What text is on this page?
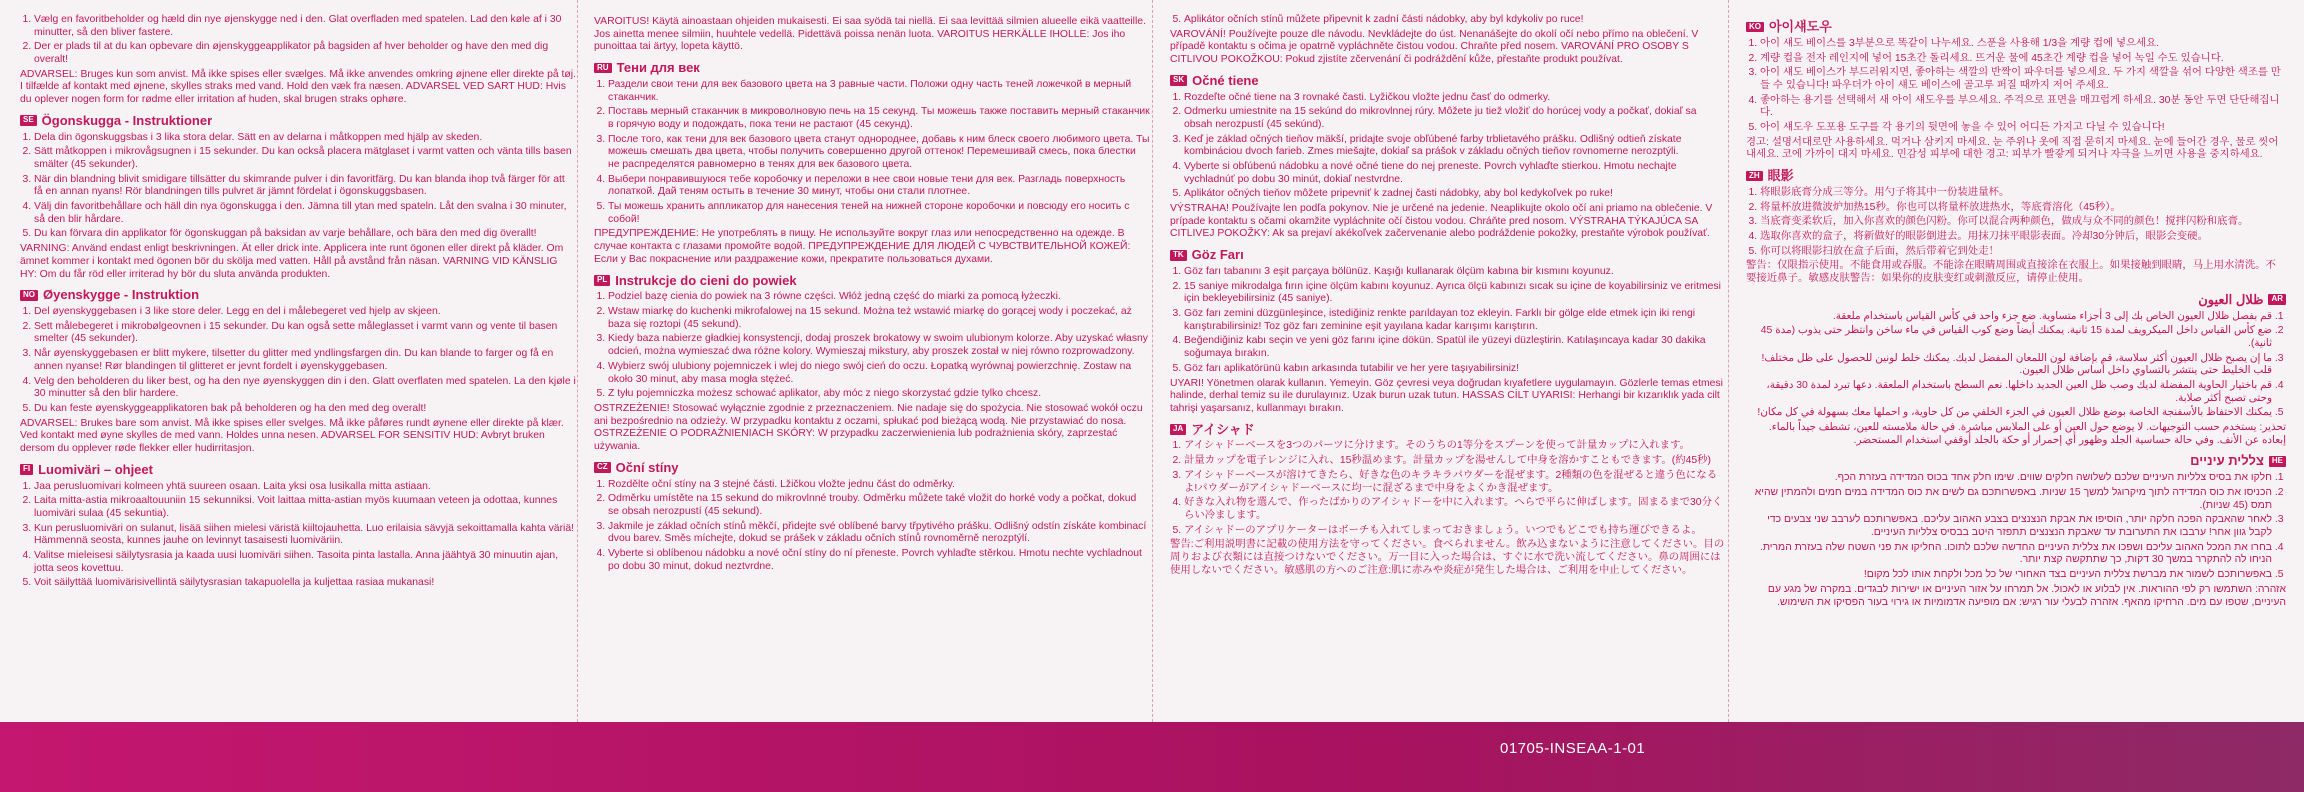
1. Vælg en favoritbeholder og hæld din nye øjenskygge ned i den. Glat overfladen med spatelen. Lad den køle af i 30 minutter, så den bliver fastere.
2. Der er plads til at du kan opbevare din øjenskyggeapplikator på bagsiden af hver beholder og have den med dig overalt!

ADVARSEL: Bruges kun som anvist. Må ikke spises eller svælges. Må ikke anvendes omkring øjnene eller direkte på tøj. I tilfælde af kontakt med øjnene, skylles straks med vand. Hold den væk fra næsen. ADVARSEL VED SART HUD: Hvis du oplever nogen form for rødme eller irritation af huden, skal brugen straks ophøre.

SE Ögonskugga - Instruktioner
1. Dela din ögonskuggsbas i 3 lika stora delar. Sätt en av delarna i måtkoppen med hjälp av skeden.
2. Sätt måtkoppen i mikrovågsugnen i 15 sekunder. Du kan också placera mätglaset i varmt vatten och vänta tills basen smälter (45 sekunder).
3. När din blandning blivit smidigare tillsätter du skimrande pulver i din favoritfärg. Du kan blanda ihop två färger för att få en annan nyans! Rör blandningen tills pulvret är jämnt fördelat i ögonskuggsbasen.
4. Välj din favoritbehållare och häll din nya ögonskugga i den. Jämna till ytan med spateln. Låt den svalna i 30 minuter, så den blir hårdare.
5. Du kan förvara din applikator för ögonskuggan på baksidan av varje behållare, och bära den med dig överallt!

VARNING: Använd endast enligt beskrivningen. Ät eller drick inte. Applicera inte runt ögonen eller direkt på kläder. Om ämnet kommer i kontakt med ögonen bör du skölja med vatten. Håll på avstånd från näsan. VARNING VID KÄNSLIG HY: Om du får röd eller irriterad hy bör du sluta använda produkten.

NO Øyenskygge - Instruktion
1. Del øyenskyggebasen i 3 like store deler. Legg en del i målebegeret ved hjelp av skjeen.
2. Sett målebegeret i mikrobølgeovnen i 15 sekunder. Du kan også sette måleglasset i varmt vann og vente til basen smelter (45 sekunder).
3. Når øyenskyggebasen er blitt mykere, tilsetter du glitter med yndlingsfargen din. Du kan blande to farger og få en annen nyanse! Rør blandingen til glitteret er jevnt fordelt i øyenskyggebasen.
4. Velg den beholderen du liker best, og ha den nye øyenskyggen din i den. Glatt overflaten med spatelen. La den kjøle i 30 minutter så den blir hardere.
5. Du kan feste øyenskyggeapplikatoren bak på beholderen og ha den med deg overalt!

ADVARSEL: Brukes bare som anvist. Må ikke spises eller svelges. Må ikke påføres rundt øynene eller direkte på klær. Ved kontakt med øyne skylles de med vann. Holdes unna nesen. ADVARSEL FOR SENSITIV HUD: Avbryt bruken dersom du opplever røde flekker eller hudirritasjon.

FI Luomiväri – ohjeet
1. Jaa perusluomivari kolmeen yhtä suureen osaan. Laita yksi osa lusikalla mitta astiaan.
2. Laita mitta-astia mikroaaltouuniin 15 sekunniksi. Voit laittaa mitta-astian myös kuumaan veteen ja odottaa, kunnes luomiväri sulaa (45 sekuntia).
3. Kun perusluomiväri on sulanut, lisää siihen mielesi väristä kiiltojauhetta. Luo erilaisia sävyjä sekoittamalla kahta väriä! Hämmennä seosta, kunnes jauhe on levinnyt tasaisesti luomiväriin.
4. Valitse mieleisesi säilytysrasia ja kaada uusi luomiväri siihen. Tasoita pinta lastalla. Anna jäähtyä 30 minuutin ajan, jotta seos kovettuu.
5. Voit säilyttää luomivärisivellintä säilytysrasian takapuolella ja kuljettaa rasiaa mukanasi!

VAROITUS! Käytä ainoastaan ohjeiden mukaisesti. Ei saa syödä tai niellä. Ei saa levittää silmien alueelle eikä vaatteille. Jos ainetta menee silmiin, huuhtele vedellä. Pidettävä poissa nenän luota. VAROITUS HERKÄLLE IHOLLE: Jos iho punoittaa tai ärtyy, lopeta käyttö.

RU Тени для век
1. Раздели свои тени для век базового цвета на 3 равные части. Положи одну часть теней ложечкой в мерный стаканчик.
2. Поставь мерный стаканчик в микроволновую печь на 15 секунд. Ты можешь также поставить мерный стаканчик в горячую воду и подождать, пока тени не растают (45 секунд).
3. После того, как тени для век базового цвета станут однороднее, добавь к ним блеск своего любимого цвета. Ты можешь смешать два цвета, чтобы получить совершенно другой оттенок! Перемешивай смесь, пока блестки не распределятся равномерно в тенях для век базового цвета.
4. Выбери понравившуюся тебе коробочку и переложи в нее свои новые тени для век. Разгладь поверхность лопаткой. Дай теням остыть в течение 30 минут, чтобы они стали плотнее.
5. Ты можешь хранить аппликатор для нанесения теней на нижней стороне коробочки и повсюду его носить с собой!

ПРЕДУПРЕЖДЕНИЕ: Не употреблять в пищу. Не используйте вокруг глаз или непосредственно на одежде. В случае контакта с глазами промойте водой. ПРЕДУПРЕЖДЕНИЕ ДЛЯ ЛЮДЕЙ С ЧУВСТВИТЕЛЬНОЙ КОЖЕЙ: Если у Вас покраснение или раздражение кожи, прекратите пользоваться духами.

PL Instrukcje do cieni do powiek
1. Podziel bazę cienia do powiek na 3 równe części. Włóż jedną część do miarki za pomocą łyżeczki.
2. Wstaw miarkę do kuchenki mikrofalowej na 15 sekund. Można też wstawić miarkę do gorącej wody i poczekać, aż baza się roztopi (45 sekund).
3. Kiedy baza nabierze gładkiej konsystencji, dodaj proszek brokatowy w swoim ulubionym kolorze. Aby uzyskać własny odcień, można wymieszać dwa różne kolory. Wymieszaj mikstury, aby proszek został w niej równo rozprowadzony.
4. Wybierz swój ulubiony pojemniczek i wlej do niego swój cień do oczu. Łopatką wyrównaj powierzchnię. Zostaw na około 30 minut, aby masa mogła stężeć.
5. Z tyłu pojemniczka możesz schować aplikator, aby móc z niego skorzystać gdzie tylko chcesz.

OSTRZEŻENIE! Stosować wyłącznie zgodnie z przeznaczeniem. Nie nadaje się do spożycia. Nie stosować wokół oczu ani bezpośrednio na odzieży. W przypadku kontaktu z oczami, spłukać pod bieżącą wodą. Nie przystawiać do nosa. OSTRZEŻENIE O PODRAŻNIENIACH SKÓRY: W przypadku zaczerwienienia lub podrażnienia skóry, zaprzestać używania.

CZ Oční stíny
1. Rozdělte oční stíny na 3 stejné části. Lžičkou vložte jednu část do odměrky.
2. Odměrku umístěte na 15 sekund do mikrovlnné trouby. Odměrku můžete také vložit do horké vody a počkat, dokud se obsah nerozpustí (45 sekund).
3. Jakmile je základ očních stínů měkčí, přidejte své oblíbené barvy třpytivého prášku. Odlišný odstín získáte kombinací dvou barev. Směs míchejte, dokud se prášek v základu očních stínů rovnoměrně nerozptýlí.
4. Vyberte si oblíbenou nádobku a nové oční stíny do ní přeneste. Povrch vyhlaďte stěrkou. Hmotu nechte vychladnout po dobu 30 minut, dokud neztvrdne.
5. Aplikátor očních stínů můžete připevnit k zadní části nádobky, aby byl kdykoliv po ruce!

VAROVÁNÍ! Používejte pouze dle návodu. Nevkládejte do úst. Nenanášejte do okolí očí nebo přímo na oblečení. V případě kontaktu s očima je opatrně vypláchněte čistou vodou. Chraňte před nosem. VAROVÁNÍ PRO OSOBY S CITLIVOU POKOŽKOU: Pokud zjistíte zčervenání či podráždění kůže, přestaňte produkt používat.

SK Očné tiene
1. Rozdeľte očné tiene na 3 rovnaké časti. Lyžičkou vložte jednu časť do odmerky.
2. Odmerku umiestnite na 15 sekúnd do mikrovlnnej rúry. Môžete ju tiež vložiť do horúcej vody a počkať, dokiaľ sa obsah nerozpustí (45 sekúnd).
3. Keď je základ očných tieňov mäkší, pridajte svoje obľúbené farby trblietavého prášku. Odlišný odtieň získate kombináciou dvoch farieb. Zmes miešajte, dokiaľ sa prášok v základu očných tieňov rovnomerne nerozptýli.
4. Vyberte si obľúbenú nádobku a nové očné tiene do nej preneste. Povrch vyhlaďte stierkou. Hmotu nechajte vychladnúť po dobu 30 minút, dokiaľ nestvrdne.
5. Aplikátor očných tieňov môžete pripevniť k zadnej časti nádobky, aby bol kedykoľvek po ruke!

VÝSTRAHA! Používajte len podľa pokynov. Nie je určené na jedenie. Neaplikujte okolo očí ani priamo na oblečenie. V prípade kontaktu s očami okamžite vypláchnite očí čistou vodou. Chráňte pred nosom. VÝSTRAHA TÝKAJÚCA SA CITLIVEJ POKOŽKY: Ak sa prejaví akékoľvek začervenanie alebo podráždenie pokožky, prestaňte výrobok používať.

TK Göz Farı
1. Göz farı tabanını 3 eşit parçaya bölünüz. Kaşığı kullanarak ölçüm kabına bir kısmını koyunuz.
2. 15 saniye mikrodalga fırın içine ölçüm kabını koyunuz. Ayrıca ölçü kabınızı sıcak su içine de koyabilirsiniz ve eritmesi için bekleyebilirsiniz (45 saniye).
3. Göz farı zemini düzgünleşince, istediğiniz renkte parıldayan toz ekleyin. Farklı bir gölge elde etmek için iki rengi karıştırabilirsiniz! Toz göz farı zeminine eşit yayılana kadar karışımı karıştırın.
4. Beğendiğiniz kabı seçin ve yeni göz farını içine dökün. Spatül ile yüzeyi düzleştirin. Katılaşıncaya kadar 30 dakika soğumaya bırakın.
5. Göz farı aplikatörünü kabın arkasında tutabilir ve her yere taşıyabilirsiniz!

UYARI! Yönetmen olarak kullanın. Yemeyin. Göz çevresi veya doğrudan kıyafetlere uygulamayın. Gözlerle temas etmesi halinde, derhal temiz su ile durulayınız. Uzak burun uzak tutun. HASSAS CİLT UYARISI: Herhangi bir kızarıklık yada cilt tahrişi yaşarsanız, kullanmayı bırakın.

JA アイシャド
1. アイシャドーベースを3つのパーツに分けます。そのうちの1等分をスプーンを使って計量カップに入れます。
2. 計量カップを電子レンジに入れ、15秒温めます。計量カップを湯せんして中身を溶かすこともできます。(約45秒)
3. アイシャドーベースが溶けてきたら、好きな色のキラキラパウダーを混ぜます。2種類の色を混ぜると違う色になるよ!パウダーがアイシャドーベースに均一に混ざるまで中身をよくかき混ぜます。
4. 好きな入れ物を選んで、作ったばかりのアイシャドーを中に入れます。へらで平らに伸ばします。固まるまで30分くらい冷まします。
5. アイシャドーのアプリケーターはボーチも入れてしまっておきましょう。いつでもどこでも持ち運びできるよ。

警告:ご利用説明書に記載の使用方法を守ってください。食べられません。飲み込まないように注意してください。目の周りおよび衣類には直接つけないでください。万一目に入った場合は、すぐに水で洗い流してください。鼻の周囲には使用しないでください。敏感肌の方へのご注意:肌に赤みや炎症が発生した場合は、ご利用を中止してください。

KO 아이섀도우
1. 아이 섀도 베이스를 3부분으로 똑같이 나누세요. 스푼을 사용해 1/3을 계량 컵에 넣으세요.
2. 계량 컵을 전자 레인지에 넣어 15초간 돌리세요. 뜨거운 물에 45초간 계량 컵을 넣어 녹일 수도 있습니다.
3. 아이 섀도 베이스가 부드러워지면, 좋아하는 색깔의 반짝이 파우더를 넣으세요. 두 가지 색깔을 섞어 다양한 색조를 만들 수 있습니다! 파우더가 아이 섀도 베이스에 골고루 퍼질 때까지 저어 주세요.
4. 좋아하는 용기를 선택해서 새 아이 섀도우를 부으세요. 주걱으로 표면을 매끄럽게 하세요. 30분 동안 두면 단단해집니다.
5. 아이 섀도우 도포용 도구를 각 용기의 뒷면에 놓을 수 있어 어디든 가지고 다닐 수 있습니다!

경고: 설명서대로만 사용하세요. 먹거나 삼키지 마세요. 눈 주위나 옷에 직접 묻히지 마세요. 눈에 들어간 경우, 물로 씻어내세요. 코에 가까이 대지 마세요. 민감성 피부에 대한 경고: 피부가 빨갛게 되거나 자극을 느끼면 사용을 중지하세요.

ZH 眼影
1. 将眼影底膏分成三等分。用勺子将其中一份装进量杯。
2. 将量杯放进微波炉加热15秒。你也可以将量杯放进热水，等底膏溶化（45秒）。
3. 当底膏变柔软后，加入你喜欢的颜色闪粉。你可以混合两种颜色，做成与众不同的颜色！搅拌闪粉和底膏。
4. 选取你喜欢的盒子，将新做好的眼影倒进去。用抹刀抹平眼影表面。冷却30分钟后，眼影会变硬。
5. 你可以将眼影扫放在盒子后面，然后带着它到处走！

警告：仅限指示使用。不能食用或吞服。不能涂在眼睛周围或直接涂在衣服上。如果接触到眼睛，马上用水清洗。不要接近鼻子。敏感皮肤警告：如果你的皮肤变红或刺激反应，请停止使用。

AR
ظلال العيون
1. قم بفصل ظلال العيون الخاص بك إلى 3 أجزاء متساوية. ضع جزء واحد في كأس القياس باستخدام ملعقة.
2. ضع كأس القياس داخل الميكرويف لمدة 15 ثانية. يمكنك أيضاً وضع كوب القياس في ماء ساخن وانتظر حتى يذوب (مدة 45 ثانية).
3. ما إن يصبح ظلال العيون أكثر سلاسة، قم بإضافة لون اللمعان المفضل لديك. يمكنك خلط لونين للحصول على ظل مختلف! قلب الخليط حتى ينتشر بالتساوي داخل أساس ظلال العيون.
4. قم باختيار الحاوية المفضلة لديك وصب ظل العين الجديد داخلها. نعم السطح باستخدام الملعقة. دعها تبرد لمدة 30 دقيقة، وحتى تصبح أكثر صلابة.
5. يمكنك الاحتفاظ بالأسفنجة الخاصة بوضع ظلال العيون في الجزء الخلفي من كل حاوية، و احملها معك بسهولة في كل مكان!

تحذير: يستخدم حسب التوجيهات. لا يوضع حول العين أو على الملابس مباشرة. في حالة ملامسته للعين، تشطف جيداً بالماء. إبعاده عن الأنف. وفي حالة حساسية الجلد وظهور أي إحمرار أو حكة بالجلد أوقفي استخدام المستحضر.

HE
צללית עיניים
1. חלקו את בסיס צלליות העיניים שלכם לשלושה חלקים שווים. שימו חלק אחד בכוס המדידה בעזרת הכף.
2. הכניסו את כוס המדידה לתוך מיקרוגל למשך 15 שניות. באפשרותכם גם לשים את כוס המדידה במים חמים ולהמתין שהיא תמס (45 שניות).
3. לאחר שהאבקה הפכה חלקה יותר, הוסיפו את אבקת הנצנצים בצבע האהוב עליכם. באפשרותכם לערבב שני צבעים כדי לקבל גוון אחר! ערבבו את התערובת עד שאבקת הנצנצים תתפזר היטב בבסיס צלליות העיניים.
4. בחרו את המכל האהוב עליכם ושפכו את צללית העיניים החדשה שלכם לתוכו. החליקו את פני השטח שלה בעזרת המרית. הניחו לה להתקרר במשך 30 דקות, כך שתתקשה קצת יותר.
5. באפשרותכם לשמור את מברשת צללית העיניים בצד האחורי של כל מכל ולקחת אותו לכל מקום!

אזהרה: השתמשו רק לפי ההוראות. אין לבלוע או לאכול. אל תמרחו על אזור העיניים או ישירות לבגדים. במקרה של מגע עם העיניים, שטפו עם מים. הרחיקו מהאף. אזהרה לבעלי עור רגיש: אם מופיעה אדמומיות או גירוי בעור הפסיקו את השימוש.

01705-INSEAA-1-01
